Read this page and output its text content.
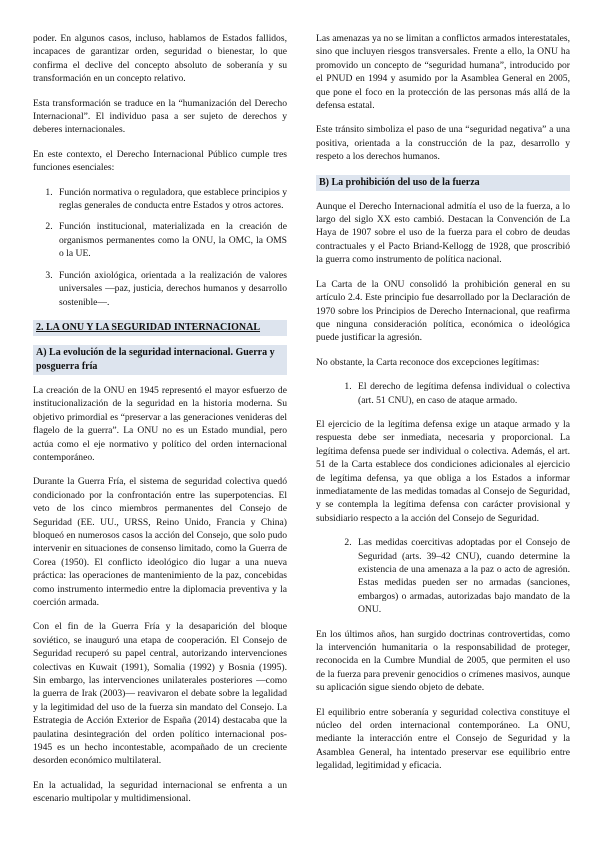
poder. En algunos casos, incluso, hablamos de Estados fallidos, incapaces de garantizar orden, seguridad o bienestar, lo que confirma el declive del concepto absoluto de soberanía y su transformación en un concepto relativo.

Esta transformación se traduce en la “humanización del Derecho Internacional”. El individuo pasa a ser sujeto de derechos y deberes internacionales.

En este contexto, el Derecho Internacional Público cumple tres funciones esenciales:

1. Función normativa o reguladora, que establece principios y reglas generales de conducta entre Estados y otros actores.
2. Función institucional, materializada en la creación de organismos permanentes como la ONU, la OMC, la OMS o la UE.
3. Función axiológica, orientada a la realización de valores universales —paz, justicia, derechos humanos y desarrollo sostenible—.
2. LA ONU Y LA SEGURIDAD INTERNACIONAL
A) La evolución de la seguridad internacional. Guerra y posguerra fría

La creación de la ONU en 1945 representó el mayor esfuerzo de institucionalización de la seguridad en la historia moderna. Su objetivo primordial es “preservar a las generaciones venideras del flagelo de la guerra”. La ONU no es un Estado mundial, pero actúa como el eje normativo y político del orden internacional contemporáneo.

Durante la Guerra Fría, el sistema de seguridad colectiva quedó condicionado por la confrontación entre las superpotencias. El veto de los cinco miembros permanentes del Consejo de Seguridad (EE. UU., URSS, Reino Unido, Francia y China) bloqueó en numerosos casos la acción del Consejo, que solo pudo intervenir en situaciones de consenso limitado, como la Guerra de Corea (1950). El conflicto ideológico dio lugar a una nueva práctica: las operaciones de mantenimiento de la paz, concebidas como instrumento intermedio entre la diplomacia preventiva y la coerción armada.

Con el fin de la Guerra Fría y la desaparición del bloque soviético, se inauguró una etapa de cooperación. El Consejo de Seguridad recuperó su papel central, autorizando intervenciones colectivas en Kuwait (1991), Somalia (1992) y Bosnia (1995). Sin embargo, las intervenciones unilaterales posteriores —como la guerra de Irak (2003)— reavivaron el debate sobre la legalidad y la legitimidad del uso de la fuerza sin mandato del Consejo. La Estrategia de Acción Exterior de España (2014) destacaba que la paulatina desintegración del orden político internacional pos-1945 es un hecho incontestable, acompañado de un creciente desorden económico multilateral.

En la actualidad, la seguridad internacional se enfrenta a un escenario multipolar y multidimensional.

Las amenazas ya no se limitan a conflictos armados interestatales, sino que incluyen riesgos transversales. Frente a ello, la ONU ha promovido un concepto de “seguridad humana”, introducido por el PNUD en 1994 y asumido por la Asamblea General en 2005, que pone el foco en la protección de las personas más allá de la defensa estatal.

Este tránsito simboliza el paso de una “seguridad negativa” a una positiva, orientada a la construcción de la paz, desarrollo y respeto a los derechos humanos.

B) La prohibición del uso de la fuerza

Aunque el Derecho Internacional admitía el uso de la fuerza, a lo largo del siglo XX esto cambió. Destacan la Convención de La Haya de 1907 sobre el uso de la fuerza para el cobro de deudas contractuales y el Pacto Briand-Kellogg de 1928, que proscribió la guerra como instrumento de política nacional.

La Carta de la ONU consolidó la prohibición general en su artículo 2.4. Este principio fue desarrollado por la Declaración de 1970 sobre los Principios de Derecho Internacional, que reafirma que ninguna consideración política, económica o ideológica puede justificar la agresión.

No obstante, la Carta reconoce dos excepciones legítimas:

1. El derecho de legítima defensa individual o colectiva (art. 51 CNU), en caso de ataque armado.

El ejercicio de la legítima defensa exige un ataque armado y la respuesta debe ser inmediata, necesaria y proporcional. La legítima defensa puede ser individual o colectiva. Además, el art. 51 de la Carta establece dos condiciones adicionales al ejercicio de legítima defensa, ya que obliga a los Estados a informar inmediatamente de las medidas tomadas al Consejo de Seguridad, y se contempla la legítima defensa con carácter provisional y subsidiario respecto a la acción del Consejo de Seguridad.

2. Las medidas coercitivas adoptadas por el Consejo de Seguridad (arts. 39–42 CNU), cuando determine la existencia de una amenaza a la paz o acto de agresión. Estas medidas pueden ser no armadas (sanciones, embargos) o armadas, autorizadas bajo mandato de la ONU.

En los últimos años, han surgido doctrinas controvertidas, como la intervención humanitaria o la responsabilidad de proteger, reconocida en la Cumbre Mundial de 2005, que permiten el uso de la fuerza para prevenir genocidios o crímenes masivos, aunque su aplicación sigue siendo objeto de debate.

El equilibrio entre soberanía y seguridad colectiva constituye el núcleo del orden internacional contemporáneo. La ONU, mediante la interacción entre el Consejo de Seguridad y la Asamblea General, ha intentado preservar ese equilibrio entre legalidad, legitimidad y eficacia.
